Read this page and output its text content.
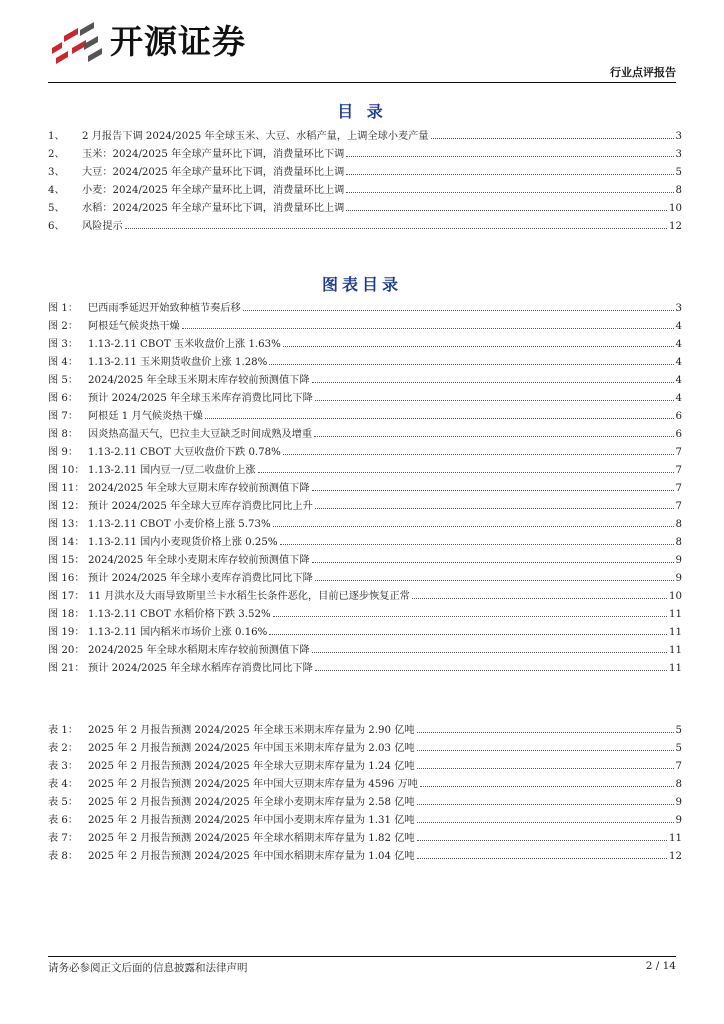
开源证券
行业点评报告
目 录
1、	2 月报告下调 2024/2025 年全球玉米、大豆、水稻产量，上调全球小麦产量	3
2、	玉米：2024/2025 年全球产量环比下调，消费量环比下调	3
3、	大豆：2024/2025 年全球产量环比下调，消费量环比上调	5
4、	小麦：2024/2025 年全球产量环比上调，消费量环比上调	8
5、	水稻：2024/2025 年全球产量环比下调，消费量环比上调	10
6、	风险提示	12
图表目录
图 1： 巴西雨季延迟开始致种植节奏后移	3
图 2： 阿根廷气候炎热干燥	4
图 3： 1.13-2.11 CBOT 玉米收盘价上涨 1.63%	4
图 4： 1.13-2.11 玉米期货收盘价上涨 1.28%	4
图 5： 2024/2025 年全球玉米期末库存较前预测值下降	4
图 6： 预计 2024/2025 年全球玉米库存消费比同比下降	4
图 7： 阿根廷 1 月气候炎热干燥	6
图 8： 因炎热高温天气，巴拉圭大豆缺乏时间成熟及增重	6
图 9： 1.13-2.11 CBOT 大豆收盘价下跌 0.78%	7
图 10： 1.13-2.11 国内豆一/豆二收盘价上涨	7
图 11： 2024/2025 年全球大豆期末库存较前预测值下降	7
图 12： 预计 2024/2025 年全球大豆库存消费比同比上升	7
图 13： 1.13-2.11 CBOT 小麦价格上涨 5.73%	8
图 14： 1.13-2.11 国内小麦现货价格上涨 0.25%	8
图 15： 2024/2025 年全球小麦期末库存较前预测值下降	9
图 16： 预计 2024/2025 年全球小麦库存消费比同比下降	9
图 17： 11 月洪水及大雨导致斯里兰卡水稻生长条件恶化，目前已逐步恢复正常	10
图 18： 1.13-2.11 CBOT 水稻价格下跌 3.52%	11
图 19： 1.13-2.11 国内稻米市场价上涨 0.16%	11
图 20： 2024/2025 年全球水稻期末库存较前预测值下降	11
图 21： 预计 2024/2025 年全球水稻库存消费比同比下降	11
表 1： 2025 年 2 月报告预测 2024/2025 年全球玉米期末库存量为 2.90 亿吨	5
表 2： 2025 年 2 月报告预测 2024/2025 年中国玉米期末库存量为 2.03 亿吨	5
表 3： 2025 年 2 月报告预测 2024/2025 年全球大豆期末库存量为 1.24 亿吨	7
表 4： 2025 年 2 月报告预测 2024/2025 年中国大豆期末库存量为 4596 万吨	8
表 5： 2025 年 2 月报告预测 2024/2025 年全球小麦期末库存量为 2.58 亿吨	9
表 6： 2025 年 2 月报告预测 2024/2025 年中国小麦期末库存量为 1.31 亿吨	9
表 7： 2025 年 2 月报告预测 2024/2025 年全球水稻期末库存量为 1.82 亿吨	11
表 8： 2025 年 2 月报告预测 2024/2025 年中国水稻期末库存量为 1.04 亿吨	12
请务必参阅正文后面的信息披露和法律声明	2 / 14
